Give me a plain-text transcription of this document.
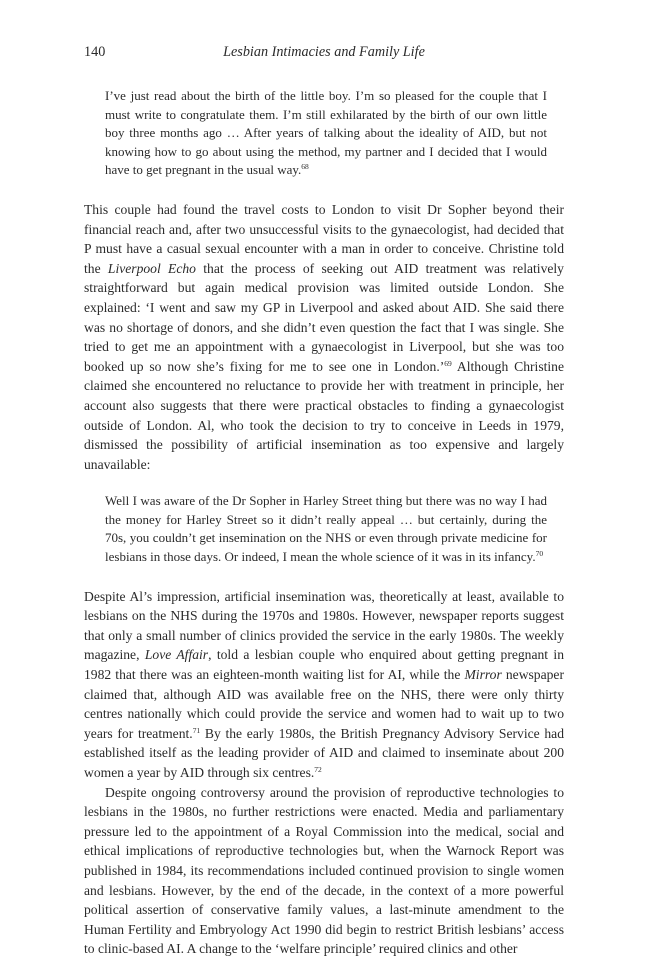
140	Lesbian Intimacies and Family Life

I’ve just read about the birth of the little boy. I’m so pleased for the couple that I must write to congratulate them. I’m still exhilarated by the birth of our own little boy three months ago … After years of talking about the ideality of AID, but not knowing how to go about using the method, my partner and I decided that I would have to get pregnant in the usual way.$^{68}$

This couple had found the travel costs to London to visit Dr Sopher beyond their financial reach and, after two unsuccessful visits to the gynaecologist, had decided that P must have a casual sexual encounter with a man in order to conceive. Christine told the Liverpool Echo that the process of seeking out AID treatment was relatively straightforward but again medical provision was limited outside London. She explained: ‘I went and saw my GP in Liverpool and asked about AID. She said there was no shortage of donors, and she didn’t even question the fact that I was single. She tried to get me an appointment with a gynaecologist in Liverpool, but she was too booked up so now she’s fixing for me to see one in London.’$^{69}$ Although Christine claimed she encountered no reluctance to provide her with treatment in principle, her account also suggests that there were practical obstacles to finding a gynaecologist outside of London. Al, who took the decision to try to conceive in Leeds in 1979, dismissed the possibility of artificial insemination as too expensive and largely unavailable:

Well I was aware of the Dr Sopher in Harley Street thing but there was no way I had the money for Harley Street so it didn’t really appeal … but certainly, during the 70s, you couldn’t get insemination on the NHS or even through private medicine for lesbians in those days. Or indeed, I mean the whole science of it was in its infancy.$^{70}$

Despite Al’s impression, artificial insemination was, theoretically at least, available to lesbians on the NHS during the 1970s and 1980s. However, newspaper reports suggest that only a small number of clinics provided the service in the early 1980s. The weekly magazine, Love Affair, told a lesbian couple who enquired about getting pregnant in 1982 that there was an eighteen-month waiting list for AI, while the Mirror newspaper claimed that, although AID was available free on the NHS, there were only thirty centres nationally which could provide the service and women had to wait up to two years for treatment.$^{71}$ By the early 1980s, the British Pregnancy Advisory Service had established itself as the leading provider of AID and claimed to inseminate about 200 women a year by AID through six centres.$^{72}$

Despite ongoing controversy around the provision of reproductive technologies to lesbians in the 1980s, no further restrictions were enacted. Media and parliamentary pressure led to the appointment of a Royal Commission into the medical, social and ethical implications of reproductive technologies but, when the Warnock Report was published in 1984, its recommendations included continued provision to single women and lesbians. However, by the end of the decade, in the context of a more powerful political assertion of conservative family values, a last-minute amendment to the Human Fertility and Embryology Act 1990 did begin to restrict British lesbians’ access to clinic-based AI. A change to the ‘welfare principle’ required clinics and other
